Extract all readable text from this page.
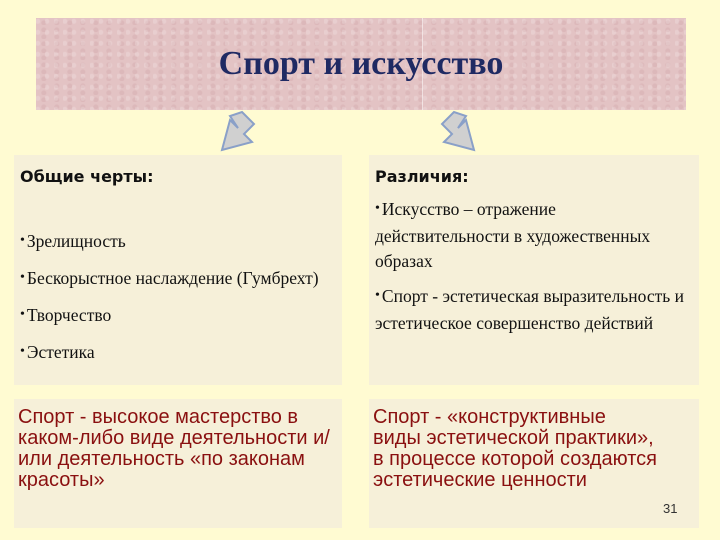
Спорт и искусство
Общие черты:
• Зрелищность
• Бескорыстное наслаждение (Гумбрехт)
• Творчество
• Эстетика
Различия:
• Искусство – отражение действительности в художественных образах
• Спорт - эстетическая выразительность и эстетическое совершенство действий

Спорт - высокое мастерство в каком-либо виде деятельности и/или деятельность «по законам красоты»

Спорт - «конструктивные виды эстетической практики», в процессе которой создаются эстетические ценности

31
